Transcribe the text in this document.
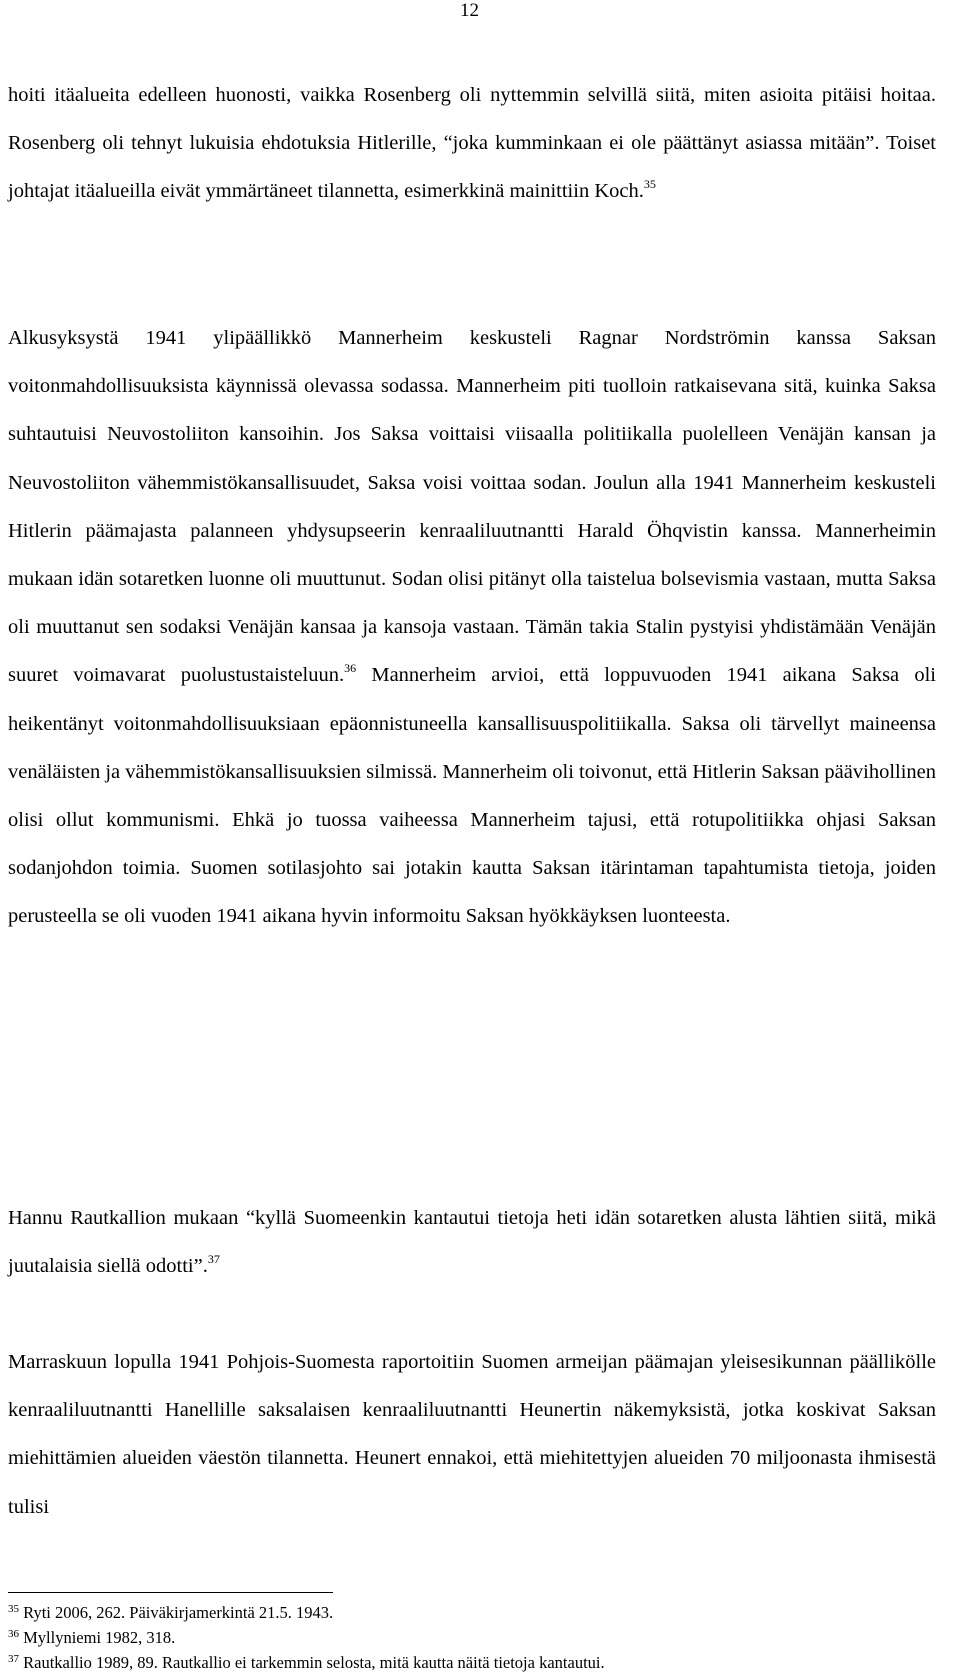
12

hoiti itäalueita edelleen huonosti, vaikka Rosenberg oli nyttemmin selvillä siitä, miten asioita pitäisi hoitaa. Rosenberg oli tehnyt lukuisia ehdotuksia Hitlerille, “joka kumminkaan ei ole päättänyt asiassa mitään”. Toiset johtajat itäalueilla eivät ymmärtäneet tilannetta, esimerkkinä mainittiin Koch.$^{35}$

Alkusyksystä 1941 ylipäällikkö Mannerheim keskusteli Ragnar Nordströmin kanssa Saksan voitonmahdollisuuksista käynnissä olevassa sodassa. Mannerheim piti tuolloin ratkaisevana sitä, kuinka Saksa suhtautuisi Neuvostoliiton kansoihin. Jos Saksa voittaisi viisaalla politiikalla puolelleen Venäjän kansan ja Neuvostoliiton vähemmistökansallisuudet, Saksa voisi voittaa sodan. Joulun alla 1941 Mannerheim keskusteli Hitlerin päämajasta palanneen yhdysupseerin kenraaliluutnantti Harald Öhqvistin kanssa. Mannerheimin mukaan idän sotaretken luonne oli muuttunut. Sodan olisi pitänyt olla taistelua bolsevismia vastaan, mutta Saksa oli muuttanut sen sodaksi Venäjän kansaa ja kansoja vastaan. Tämän takia Stalin pystyisi yhdistämään Venäjän suuret voimavarat puolustustaisteluun.$^{36}$ Mannerheim arvioi, että loppuvuoden 1941 aikana Saksa oli heikentänyt voitonmahdollisuuksiaan epäonnistuneella kansallisuuspolitiikalla. Saksa oli tärvellyt maineensa venäläisten ja vähemmistökansallisuuksien silmissä. Mannerheim oli toivonut, että Hitlerin Saksan päävihollinen olisi ollut kommunismi. Ehkä jo tuossa vaiheessa Mannerheim tajusi, että rotupolitiikka ohjasi Saksan sodanjohdon toimia. Suomen sotilasjohto sai jotakin kautta Saksan itärintaman tapahtumista tietoja, joiden perusteella se oli vuoden 1941 aikana hyvin informoitu Saksan hyökkäyksen luonteesta.

Hannu Rautkallion mukaan “kyllä Suomeenkin kantautui tietoja heti idän sotaretken alusta lähtien siitä, mikä juutalaisia siellä odotti”.$^{37}$

Marraskuun lopulla 1941 Pohjois-Suomesta raportoitiin Suomen armeijan päämajan yleisesikunnan päällikölle kenraaliluutnantti Hanellille saksalaisen kenraaliluutnantti Heunertin näkemyksistä, jotka koskivat Saksan miehittämien alueiden väestön tilannetta. Heunert ennakoi, että miehitettyjen alueiden 70 miljoonasta ihmisestä tulisi

$^{35}$ Ryti 2006, 262. Päiväkirjamerkintä 21.5. 1943.
$^{36}$ Myllyniemi 1982, 318.
$^{37}$ Rautkallio 1989, 89. Rautkallio ei tarkemmin selosta, mitä kautta näitä tietoja kantautui.
